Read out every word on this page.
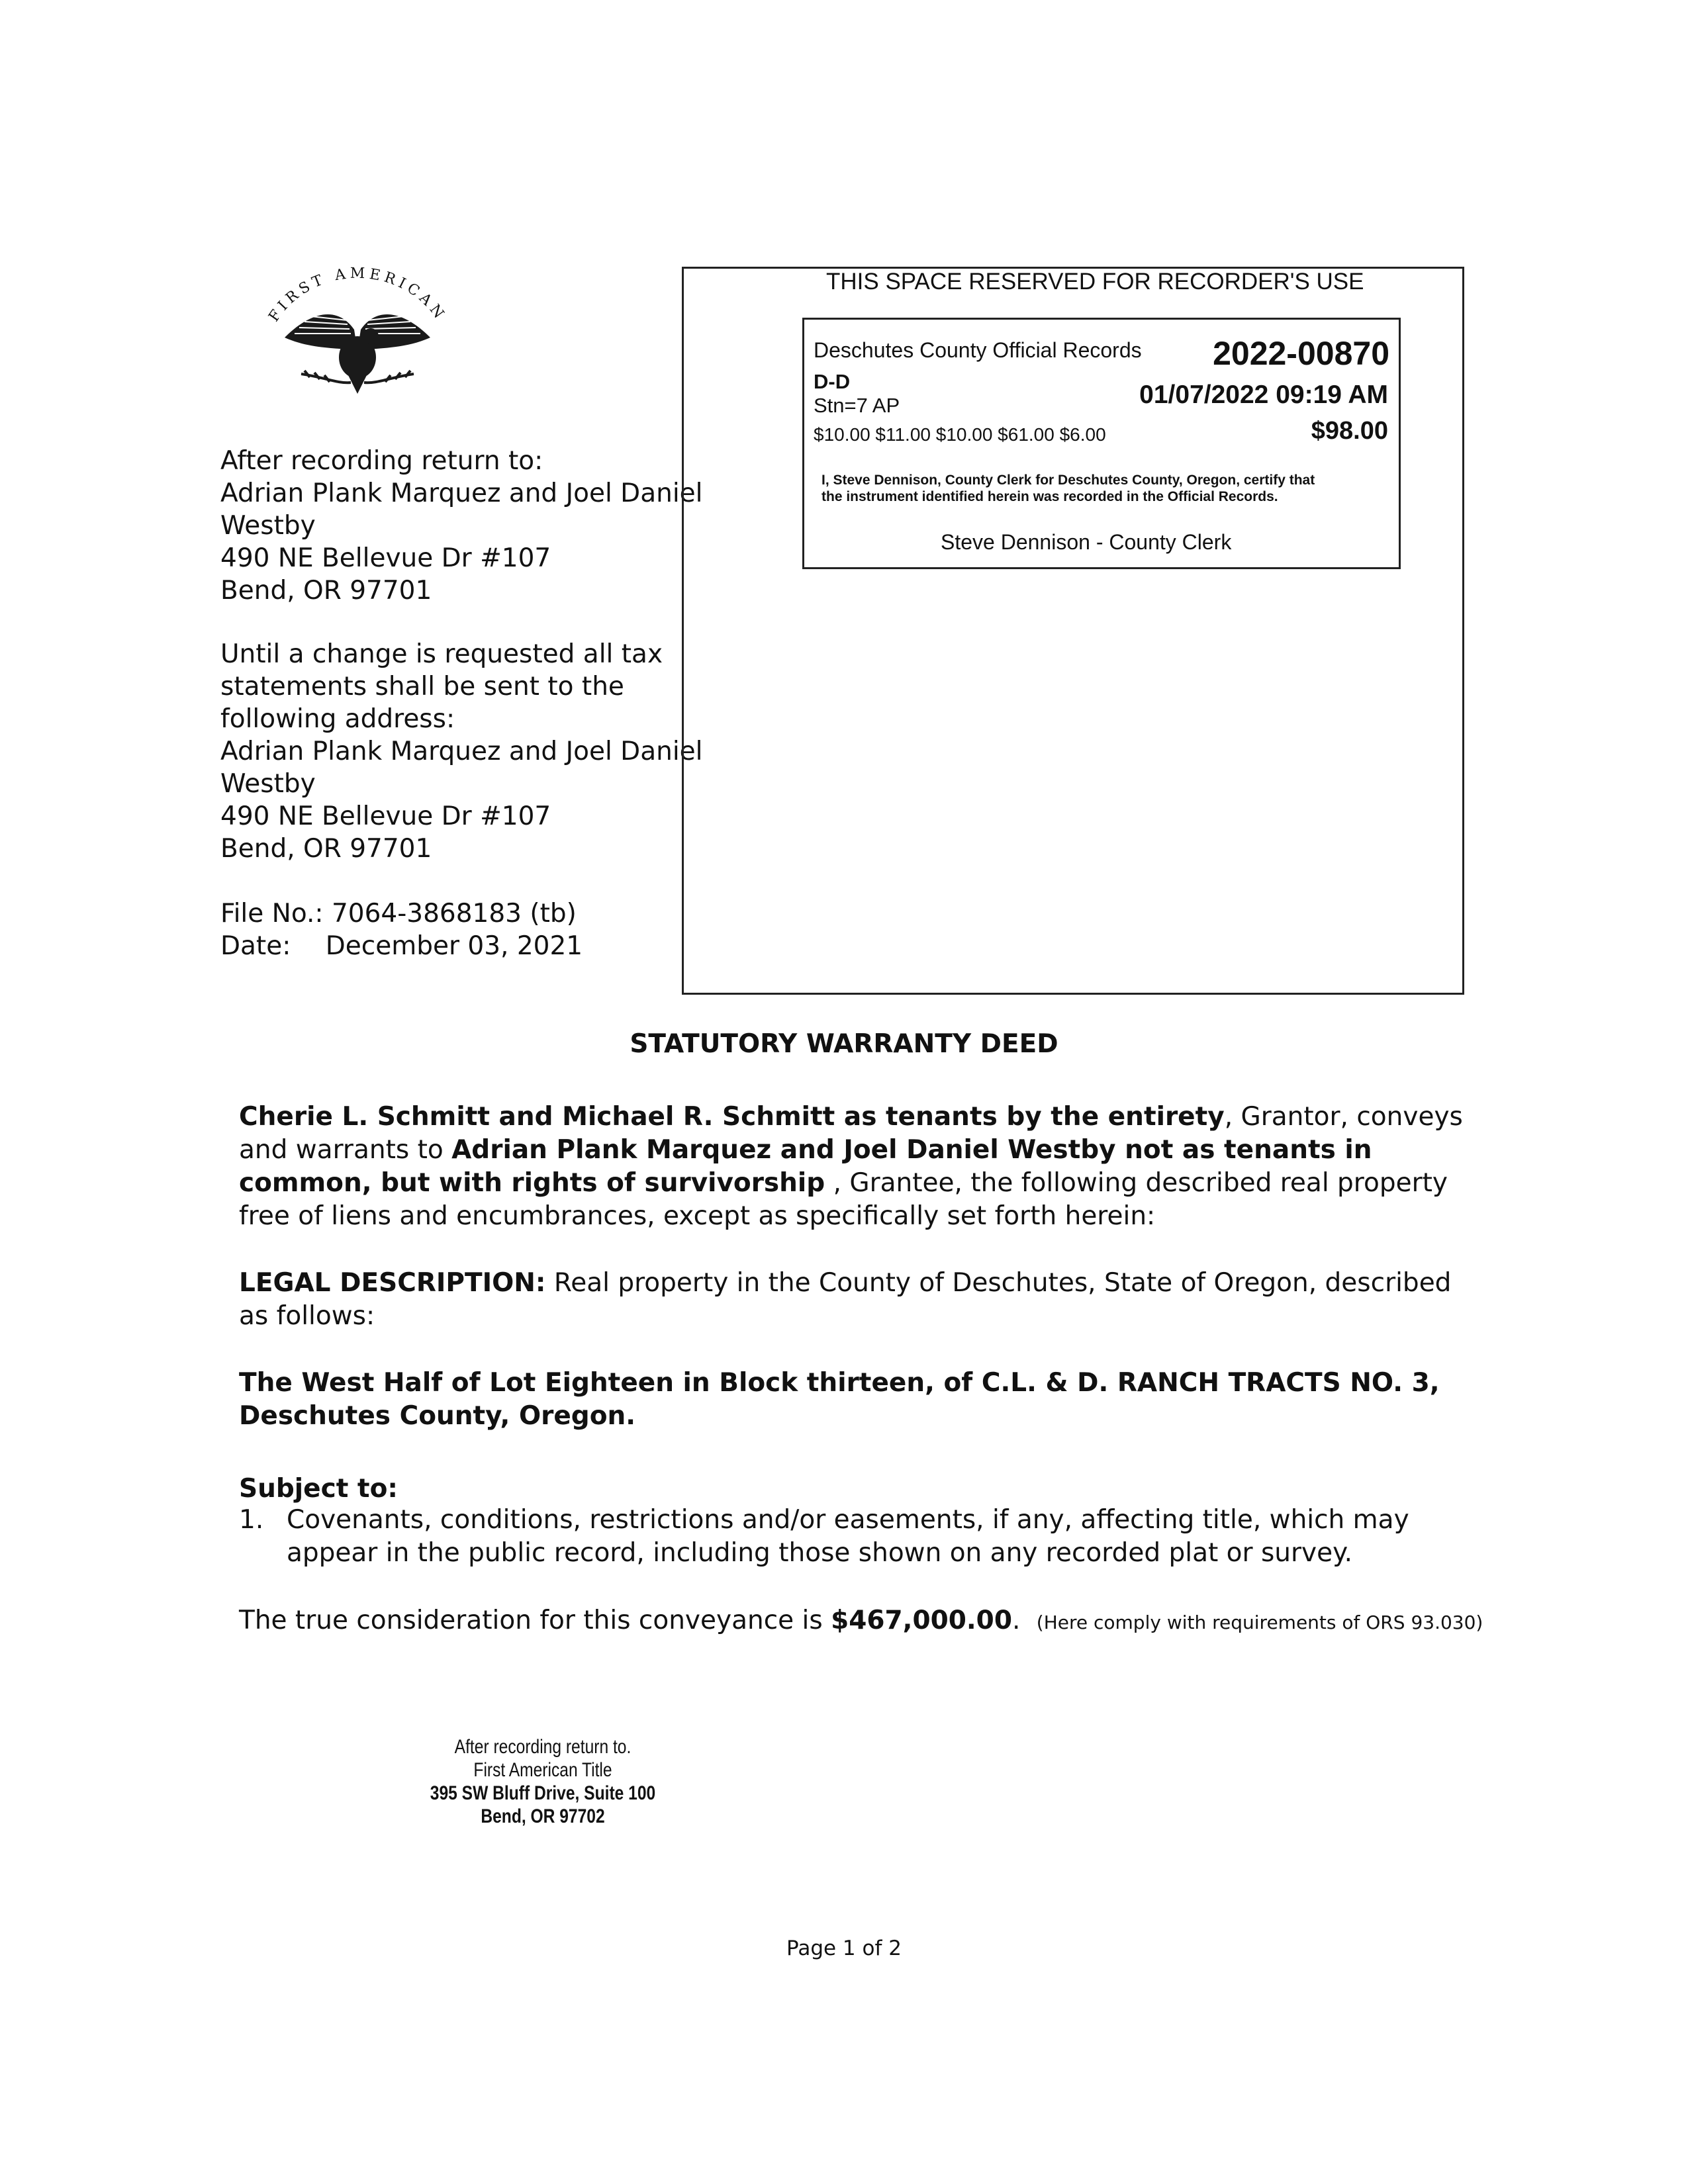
FIRST AMERICAN
After recording return to:
Adrian Plank Marquez and Joel Daniel
Westby
490 NE Bellevue Dr #107
Bend, OR 97701
Until a change is requested all tax
statements shall be sent to the
following address:
Adrian Plank Marquez and Joel Daniel
Westby
490 NE Bellevue Dr #107
Bend, OR 97701
File No.: 7064-3868183 (tb)
Date: December 03, 2021
THIS SPACE RESERVED FOR RECORDER'S USE
Deschutes County Official Records 2022-00870
D-D
Stn=7 AP	01/07/2022 09:19 AM
$10.00 $11.00 $10.00 $61.00 $6.00	$98.00
I, Steve Dennison, County Clerk for Deschutes County, Oregon, certify that the instrument identified herein was recorded in the Official Records.
Steve Dennison - County Clerk
STATUTORY WARRANTY DEED
Cherie L. Schmitt and Michael R. Schmitt as tenants by the entirety, Grantor, conveys and warrants to Adrian Plank Marquez and Joel Daniel Westby not as tenants in common, but with rights of survivorship , Grantee, the following described real property free of liens and encumbrances, except as specifically set forth herein:
LEGAL DESCRIPTION: Real property in the County of Deschutes, State of Oregon, described as follows:
The West Half of Lot Eighteen in Block thirteen, of C.L. & D. RANCH TRACTS NO. 3, Deschutes County, Oregon.
Subject to:
1. Covenants, conditions, restrictions and/or easements, if any, affecting title, which may appear in the public record, including those shown on any recorded plat or survey.
The true consideration for this conveyance is $467,000.00. (Here comply with requirements of ORS 93.030)
After recording return to.
First American Title
395 SW Bluff Drive, Suite 100
Bend, OR 97702
Page 1 of 2
